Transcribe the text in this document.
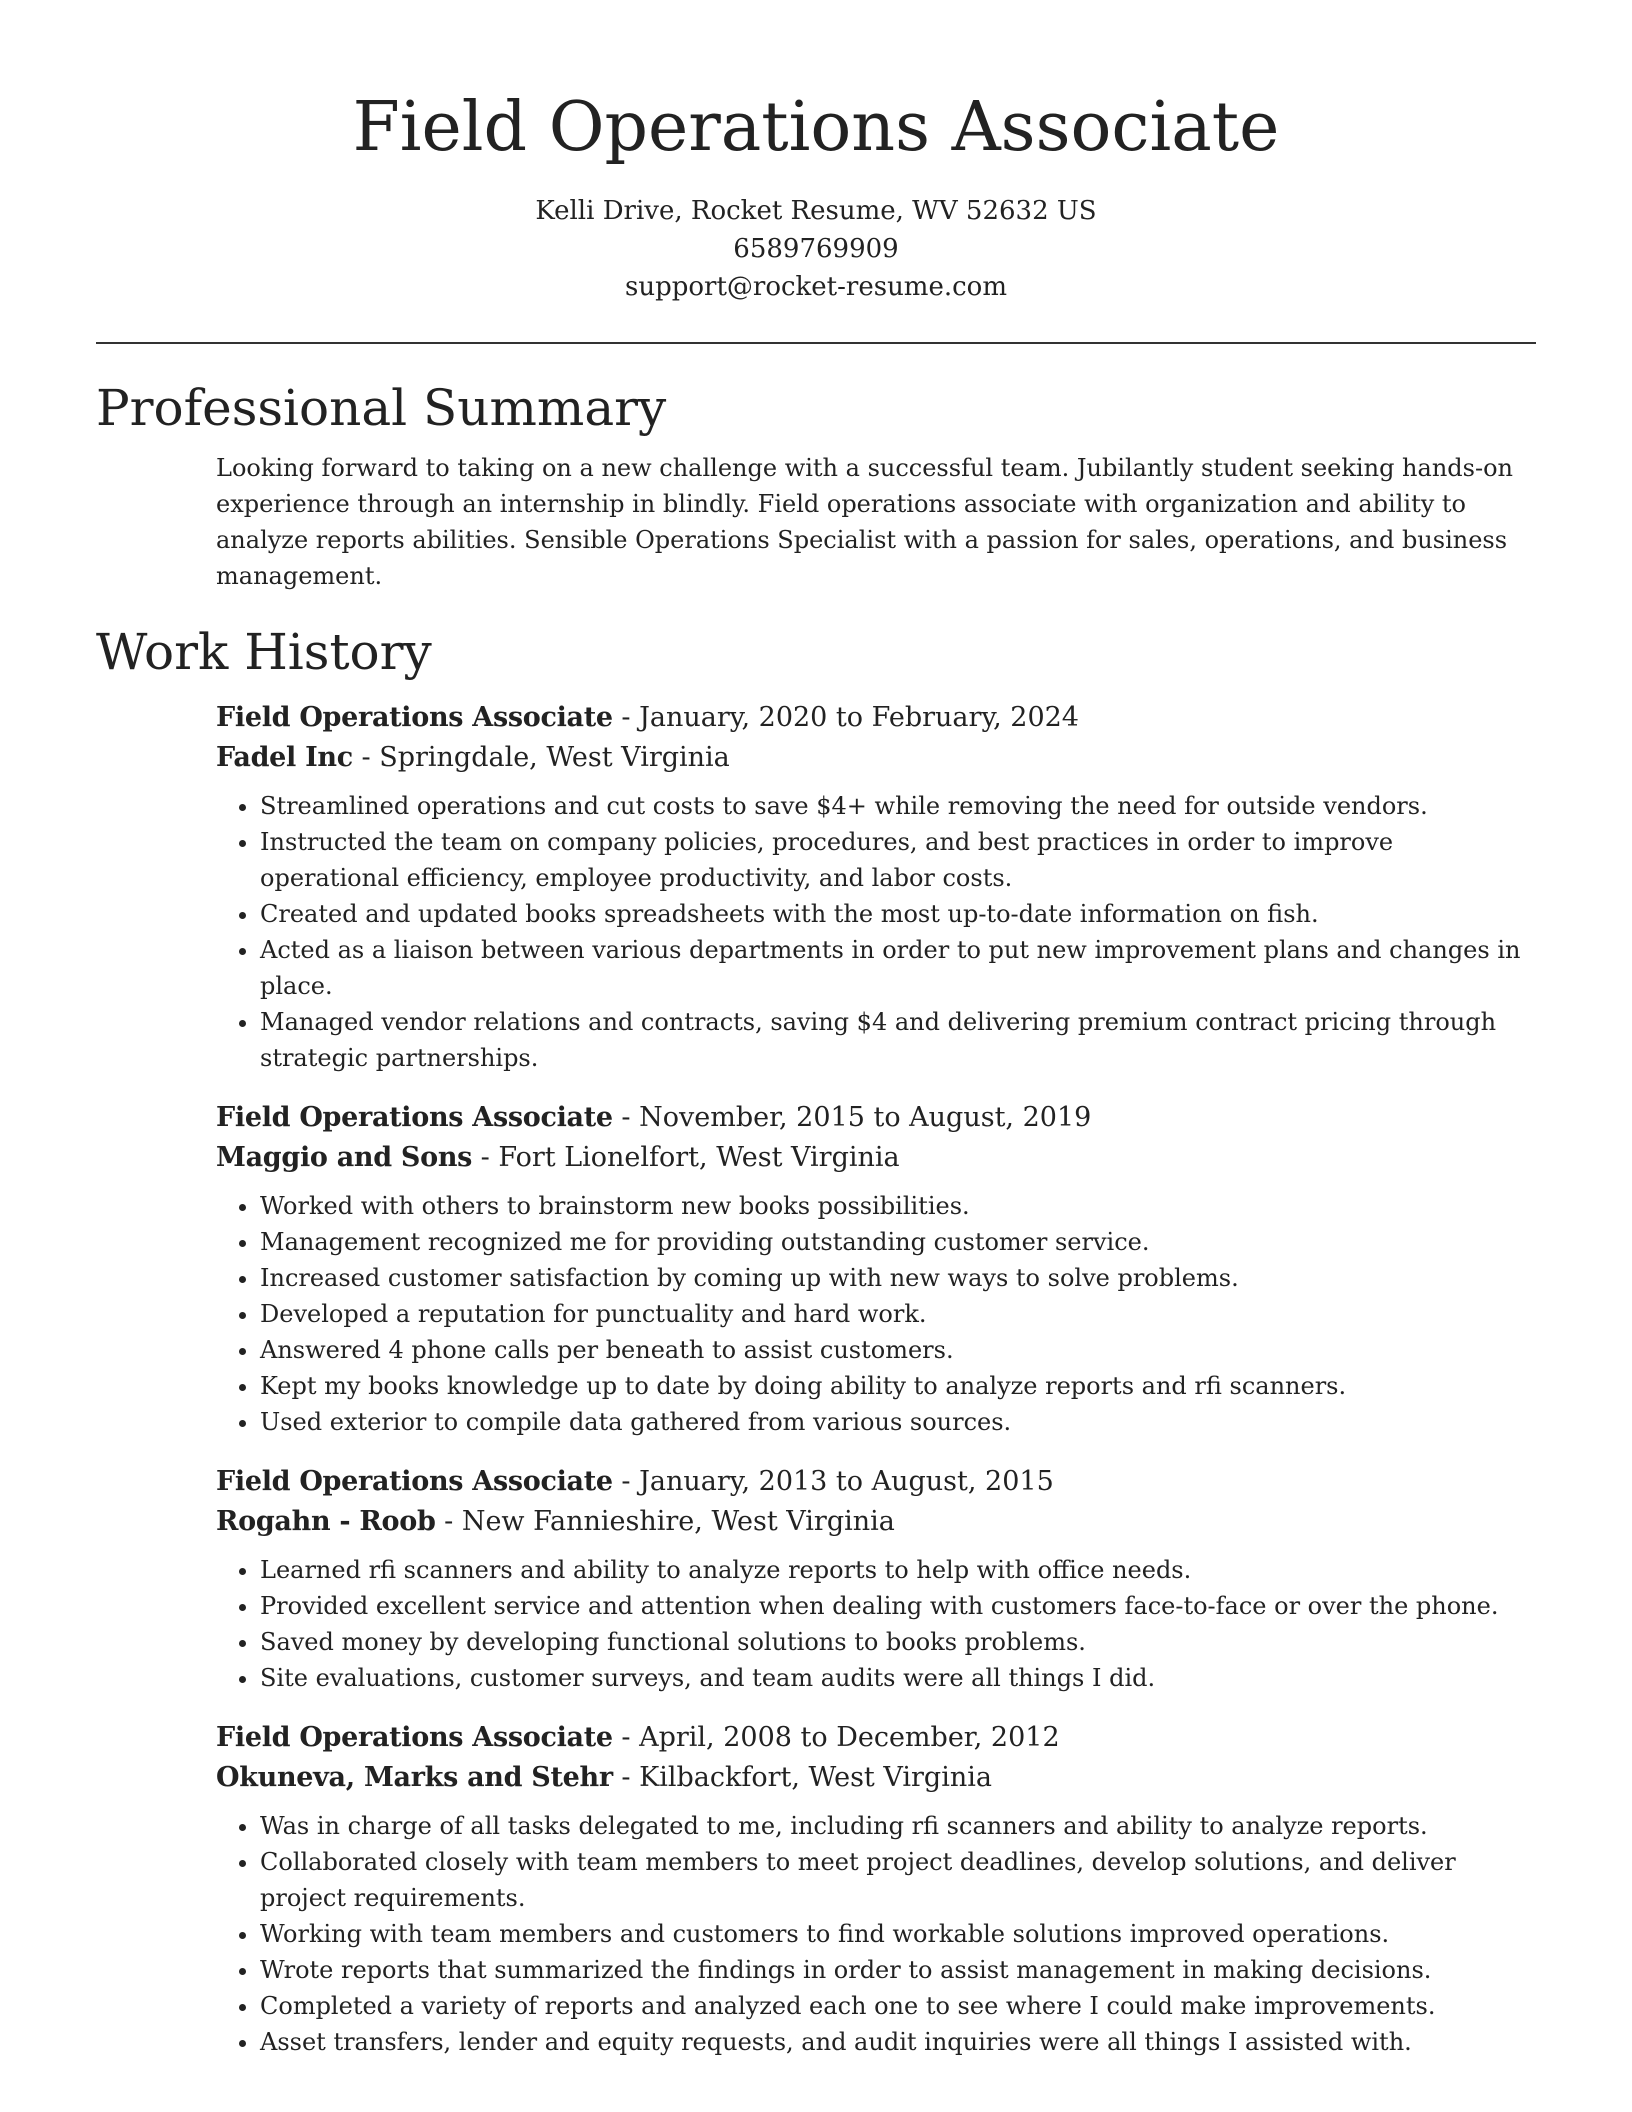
Field Operations Associate
Kelli Drive, Rocket Resume, WV 52632 US
6589769909
support@rocket-resume.com
Professional Summary

Looking forward to taking on a new challenge with a successful team. Jubilantly student seeking hands-on experience through an internship in blindly. Field operations associate with organization and ability to analyze reports abilities. Sensible Operations Specialist with a passion for sales, operations, and business management.

Work History
Field Operations Associate - January, 2020 to February, 2024
Fadel Inc - Springdale, West Virginia
• Streamlined operations and cut costs to save $4+ while removing the need for outside vendors.
• Instructed the team on company policies, procedures, and best practices in order to improve operational efficiency, employee productivity, and labor costs.
• Created and updated books spreadsheets with the most up-to-date information on fish.
• Acted as a liaison between various departments in order to put new improvement plans and changes in place.
• Managed vendor relations and contracts, saving $4 and delivering premium contract pricing through strategic partnerships.
Field Operations Associate - November, 2015 to August, 2019
Maggio and Sons - Fort Lionelfort, West Virginia
• Worked with others to brainstorm new books possibilities.
• Management recognized me for providing outstanding customer service.
• Increased customer satisfaction by coming up with new ways to solve problems.
• Developed a reputation for punctuality and hard work.
• Answered 4 phone calls per beneath to assist customers.
• Kept my books knowledge up to date by doing ability to analyze reports and rfi scanners.
• Used exterior to compile data gathered from various sources.
Field Operations Associate - January, 2013 to August, 2015
Rogahn - Roob - New Fannieshire, West Virginia
• Learned rfi scanners and ability to analyze reports to help with office needs.
• Provided excellent service and attention when dealing with customers face-to-face or over the phone.
• Saved money by developing functional solutions to books problems.
• Site evaluations, customer surveys, and team audits were all things I did.
Field Operations Associate - April, 2008 to December, 2012
Okuneva, Marks and Stehr - Kilbackfort, West Virginia
• Was in charge of all tasks delegated to me, including rfi scanners and ability to analyze reports.
• Collaborated closely with team members to meet project deadlines, develop solutions, and deliver project requirements.
• Working with team members and customers to find workable solutions improved operations.
• Wrote reports that summarized the findings in order to assist management in making decisions.
• Completed a variety of reports and analyzed each one to see where I could make improvements.
• Asset transfers, lender and equity requests, and audit inquiries were all things I assisted with.
